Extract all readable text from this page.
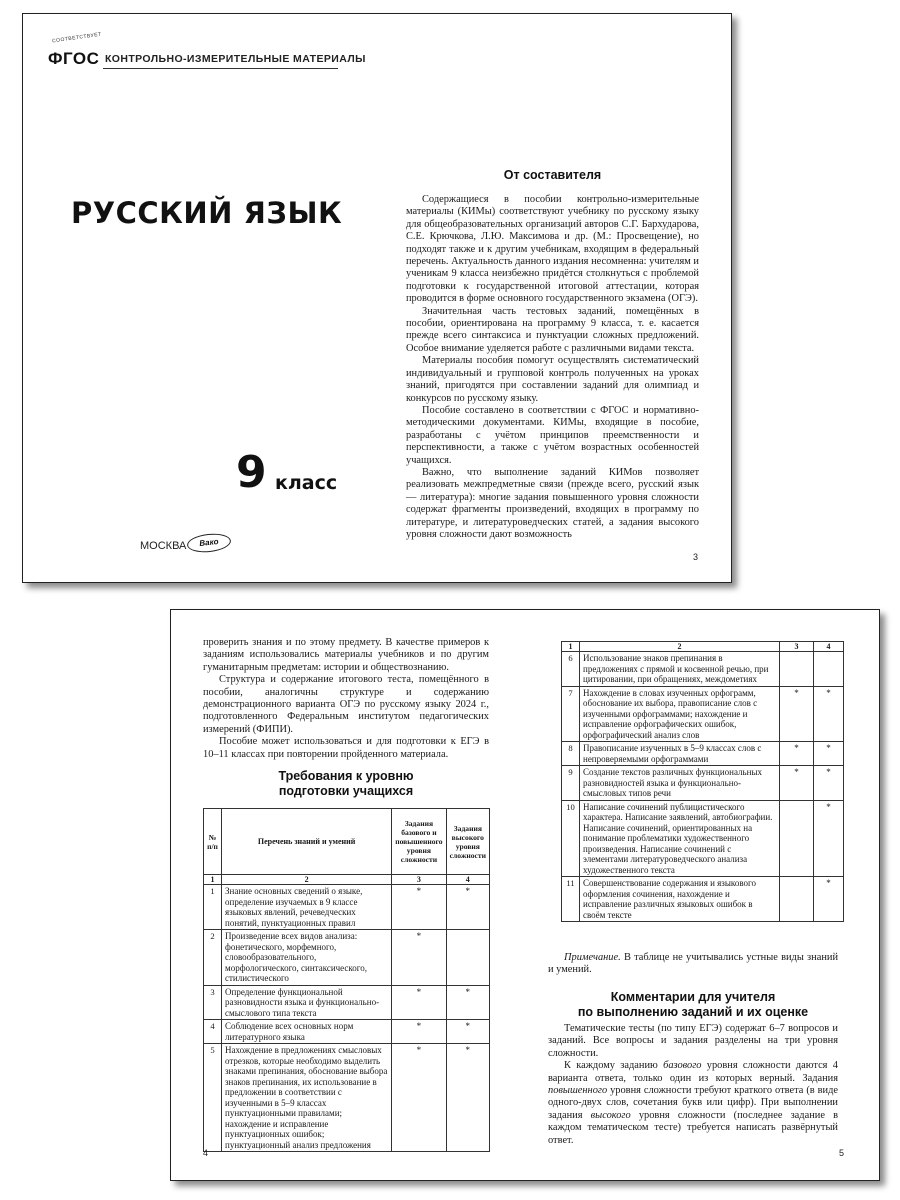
СООТВЕТСТВУЕТ
ФГОС КОНТРОЛЬНО-ИЗМЕРИТЕЛЬНЫЕ МАТЕРИАЛЫ
РУССКИЙ ЯЗЫК
9 класс
МОСКВА	Вако
От составителя

Содержащиеся в пособии контрольно-измерительные материалы (КИМы) соответствуют учебнику по русскому языку для общеобразовательных организаций авторов С.Г. Бархударова, С.Е. Крючкова, Л.Ю. Максимова и др. (М.: Просвещение), но подходят также и к другим учебникам, входящим в федеральный перечень. Актуальность данного издания несомненна: учителям и ученикам 9 класса неизбежно придётся столкнуться с проблемой подготовки к государственной итоговой аттестации, которая проводится в форме основного государственного экзамена (ОГЭ).

Значительная часть тестовых заданий, помещённых в пособии, ориентирована на программу 9 класса, т. е. касается прежде всего синтаксиса и пунктуации сложных предложений. Особое внимание уделяется работе с различными видами текста.

Материалы пособия помогут осуществлять систематический индивидуальный и групповой контроль полученных на уроках знаний, пригодятся при составлении заданий для олимпиад и конкурсов по русскому языку.

Пособие составлено в соответствии с ФГОС и нормативно-методическими документами. КИМы, входящие в пособие, разработаны с учётом принципов преемственности и перспективности, а также с учётом возрастных особенностей учащихся.

Важно, что выполнение заданий КИМов позволяет реализовать межпредметные связи (прежде всего, русский язык — литература): многие задания повышенного уровня сложности содержат фрагменты произведений, входящих в программу по литературе, и литературоведческих статей, а задания высокого уровня сложности дают возможность

3

проверить знания и по этому предмету. В качестве примеров к заданиям использовались материалы учебников и по другим гуманитарным предметам: истории и обществознанию.

Структура и содержание итогового теста, помещённого в пособии, аналогичны структуре и содержанию демонстрационного варианта ОГЭ по русскому языку 2024 г., подготовленного Федеральным институтом педагогических измерений (ФИПИ).

Пособие может использоваться и для подготовки к ЕГЭ в 10–11 классах при повторении пройденного материала.

Требования к уровню
подготовки учащихся
№ п/п	Перечень знаний и умений	Задания базового и повышенного уровня сложности	Задания высокого уровня сложности
1	2	3	4
1	Знание основных сведений о языке, определение изучаемых в 9 классе языковых явлений, речеведческих понятий, пунктуационных правил	*	*
2	Произведение всех видов анализа: фонетического, морфемного, словообразовательного, морфологического, синтаксического, стилистического	*	
3	Определение функциональной разновидности языка и функционально-смыслового типа текста	*	*
4	Соблюдение всех основных норм литературного языка	*	*
5	Нахождение в предложениях смысловых отрезков, которые необходимо выделить знаками препинания, обоснование выбора знаков препинания, их использование в предложении в соответствии с изученными в 5–9 классах пунктуационными правилами; нахождение и исправление пунктуационных ошибок; пунктуационный анализ предложения	*	*
1	2	3	4
6	Использование знаков препинания в предложениях с прямой и косвенной речью, при цитировании, при обращениях, междометиях		
7	Нахождение в словах изученных орфограмм, обоснование их выбора, правописание слов с изученными орфограммами; нахождение и исправление орфографических ошибок, орфографический анализ слов	*	*
8	Правописание изученных в 5–9 классах слов с непроверяемыми орфограммами	*	*
9	Создание текстов различных функциональных разновидностей языка и функционально-смысловых типов речи	*	*
10	Написание сочинений публицистического характера. Написание заявлений, автобиографии. Написание сочинений, ориентированных на понимание проблематики художественного произведения. Написание сочинений с элементами литературоведческого анализа художественного текста		*
11	Совершенствование содержания и языкового оформления сочинения, нахождение и исправление различных языковых ошибок в своём тексте		*

Примечание. В таблице не учитывались устные виды знаний и умений.

Комментарии для учителя
по выполнению заданий и их оценке

Тематические тесты (по типу ЕГЭ) содержат 6–7 вопросов и заданий. Все вопросы и задания разделены на три уровня сложности.

К каждому заданию базового уровня сложности даются 4 варианта ответа, только один из которых верный. Задания повышенного уровня сложности требуют краткого ответа (в виде одного-двух слов, сочетания букв или цифр). При выполнении задания высокого уровня сложности (последнее задание в каждом тематическом тесте) требуется написать развёрнутый ответ.

4	5
